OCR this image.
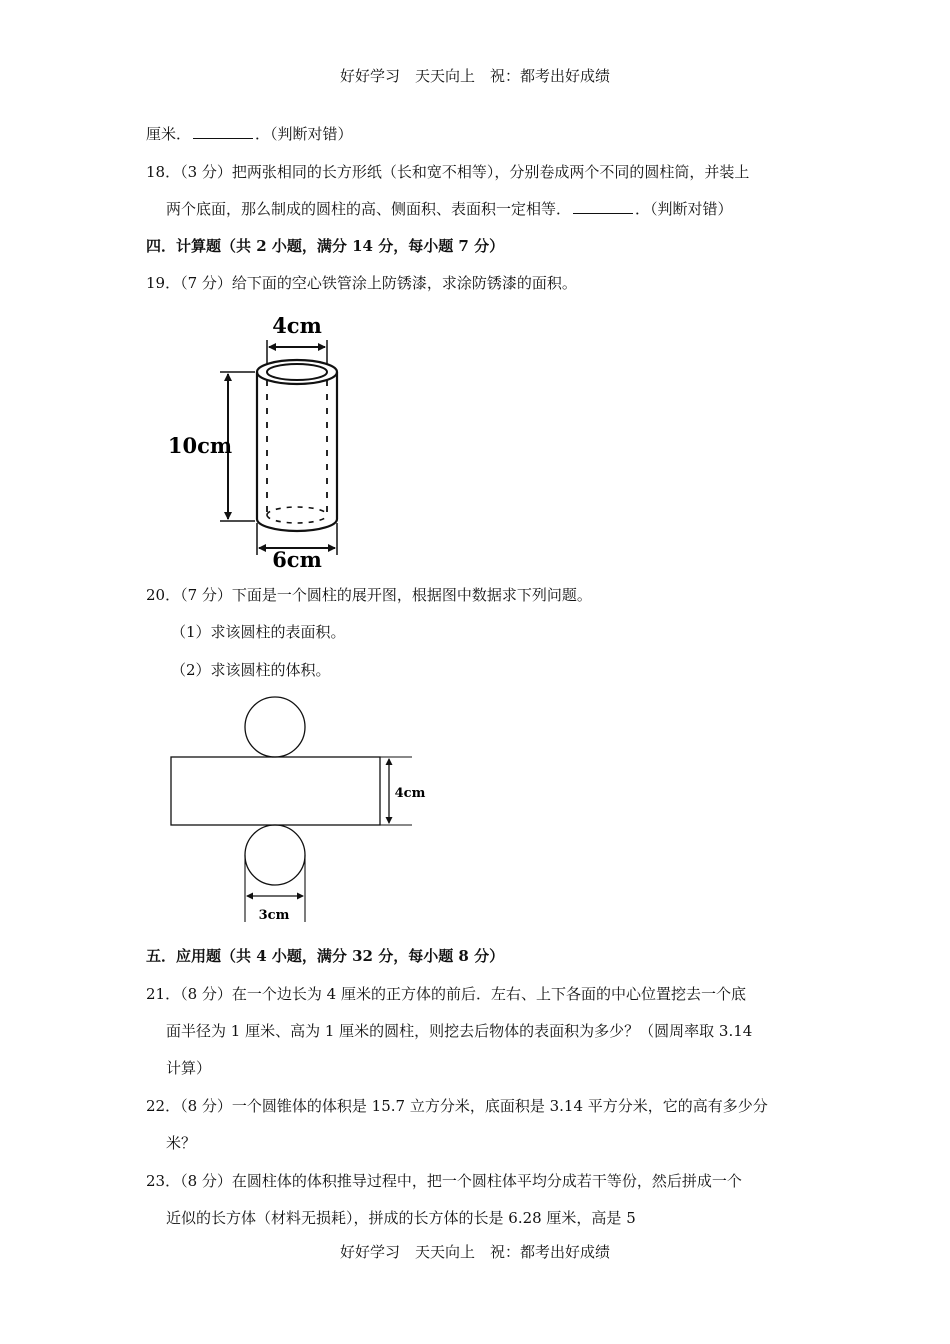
好好学习　天天向上　祝：都考出好成绩
厘米．	．（判断对错）
18．（3 分）把两张相同的长方形纸（长和宽不相等），分别卷成两个不同的圆柱筒，并装上
两个底面，那么制成的圆柱的高、侧面积、表面积一定相等．	．（判断对错）
四．计算题（共 2 小题，满分 14 分，每小题 7 分）
19．（7 分）给下面的空心铁管涂上防锈漆，求涂防锈漆的面积。
4cm
10cm
6cm
20．（7 分）下面是一个圆柱的展开图，根据图中数据求下列问题。
（1）求该圆柱的表面积。
（2）求该圆柱的体积。
4cm
3cm
五．应用题（共 4 小题，满分 32 分，每小题 8 分）
21．（8 分）在一个边长为 4 厘米的正方体的前后．左右、上下各面的中心位置挖去一个底
面半径为 1 厘米、高为 1 厘米的圆柱，则挖去后物体的表面积为多少？（圆周率取 3.14
计算）
22．（8 分）一个圆锥体的体积是 15.7 立方分米，底面积是 3.14 平方分米，它的高有多少分
米？
23．（8 分）在圆柱体的体积推导过程中，把一个圆柱体平均分成若干等份，然后拼成一个
近似的长方体（材料无损耗），拼成的长方体的长是 6.28 厘米，高是 5
好好学习　天天向上　祝：都考出好成绩
